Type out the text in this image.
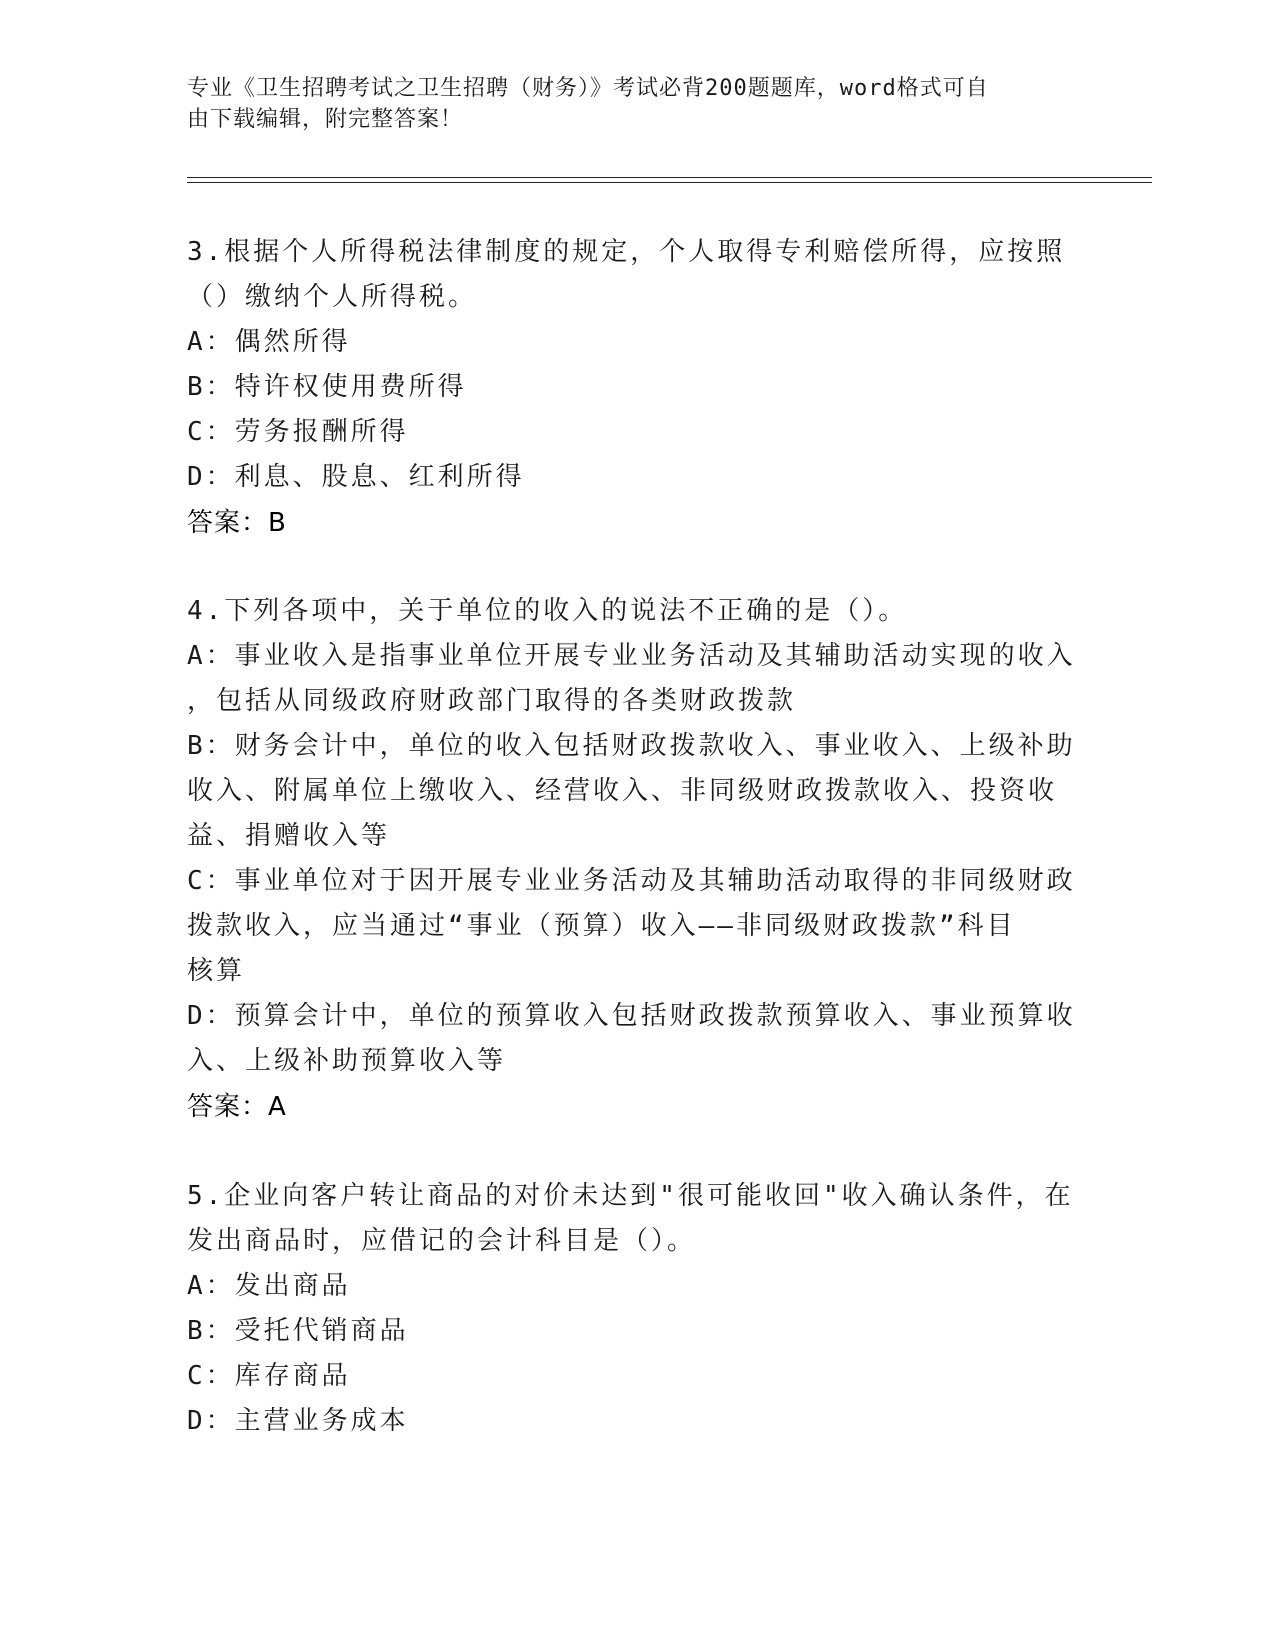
专业《卫生招聘考试之卫生招聘（财务）》考试必背200题题库，word格式可自
由下载编辑，附完整答案！
3.根据个人所得税法律制度的规定，个人取得专利赔偿所得，应按照
（）缴纳个人所得税。
A：偶然所得
B：特许权使用费所得
C：劳务报酬所得
D：利息、股息、红利所得
答案：B
4.下列各项中，关于单位的收入的说法不正确的是（）。
A：事业收入是指事业单位开展专业业务活动及其辅助活动实现的收入
，包括从同级政府财政部门取得的各类财政拨款
B：财务会计中，单位的收入包括财政拨款收入、事业收入、上级补助
收入、附属单位上缴收入、经营收入、非同级财政拨款收入、投资收
益、捐赠收入等
C：事业单位对于因开展专业业务活动及其辅助活动取得的非同级财政
拨款收入，应当通过“事业（预算）收入——非同级财政拨款”科目
核算
D：预算会计中，单位的预算收入包括财政拨款预算收入、事业预算收
入、上级补助预算收入等
答案：A
5.企业向客户转让商品的对价未达到"很可能收回"收入确认条件，在
发出商品时，应借记的会计科目是（）。
A：发出商品
B：受托代销商品
C：库存商品
D：主营业务成本
